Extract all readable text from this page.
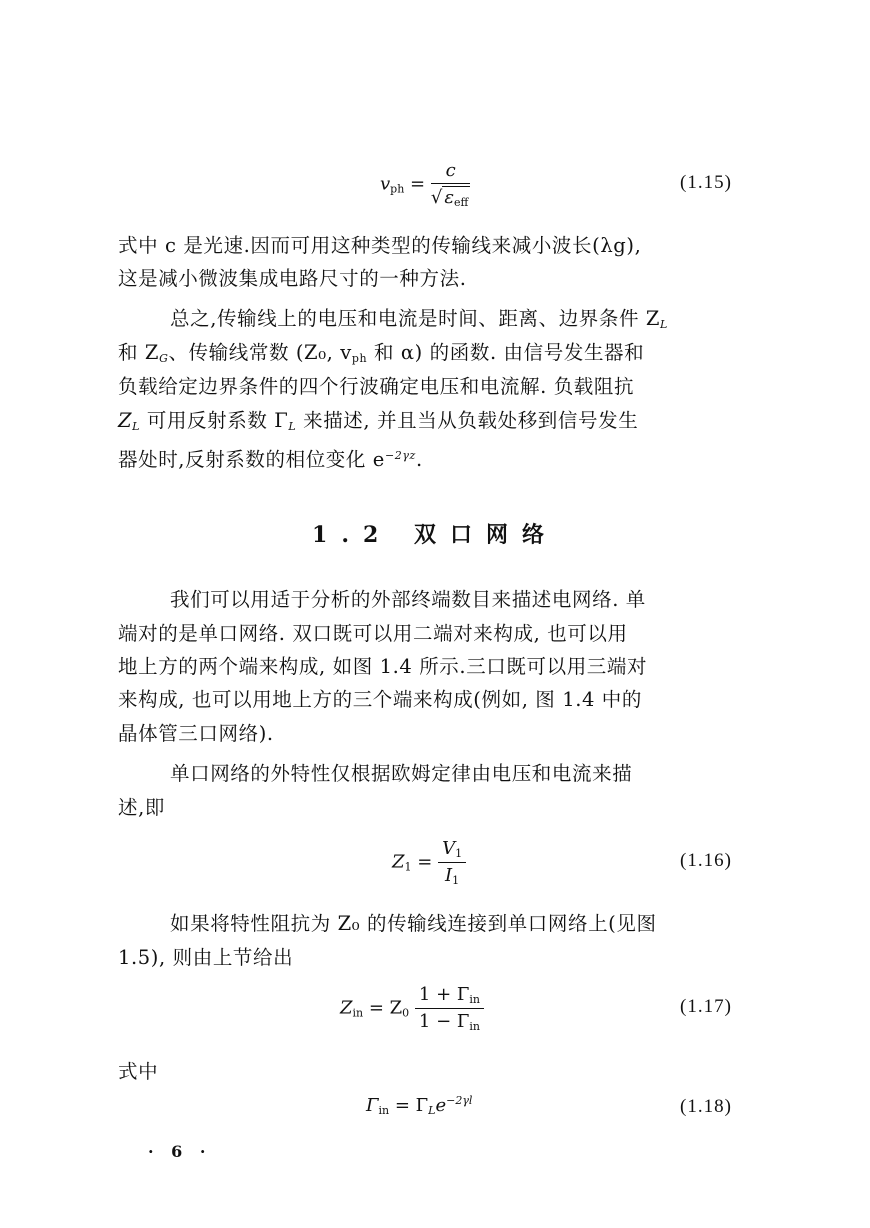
$v_{ph} = \frac{c}{√ \varepsilon_{eff}}$	(1.15)
式中 c 是光速.因而可用这种类型的传输线来减小波长(λg),
这是减小微波集成电路尺寸的一种方法.
总之,传输线上的电压和电流是时间、距离、边界条件 $Z_L$
和 $Z_G$、传输线常数 (Z₀, $v_{ph}$ 和 α) 的函数. 由信号发生器和
负载给定边界条件的四个行波确定电压和电流解. 负载阻抗
$Z_L$ 可用反射系数 $\Gamma_L$ 来描述, 并且当从负载处移到信号发生
器处时,反射系数的相位变化 $e^{-2\gamma z}$.
1.2 双口网络
我们可以用适于分析的外部终端数目来描述电网络. 单
端对的是单口网络. 双口既可以用二端对来构成, 也可以用
地上方的两个端来构成, 如图 1.4 所示.三口既可以用三端对
来构成, 也可以用地上方的三个端来构成(例如, 图 1.4 中的
晶体管三口网络).
单口网络的外特性仅根据欧姆定律由电压和电流来描
述,即
$Z_1 = \frac{V_1}{I_1}$	(1.16)
如果将特性阻抗为 Z₀ 的传输线连接到单口网络上(见图
1.5), 则由上节给出
$Z_{in} = Z_0 \frac{1 + \Gamma_{in}}{1 - \Gamma_{in}}$	(1.17)
式中
$\Gamma_{in} = \Gamma_Le^{-2\gamma l}$	(1.18)
· 6 ·
